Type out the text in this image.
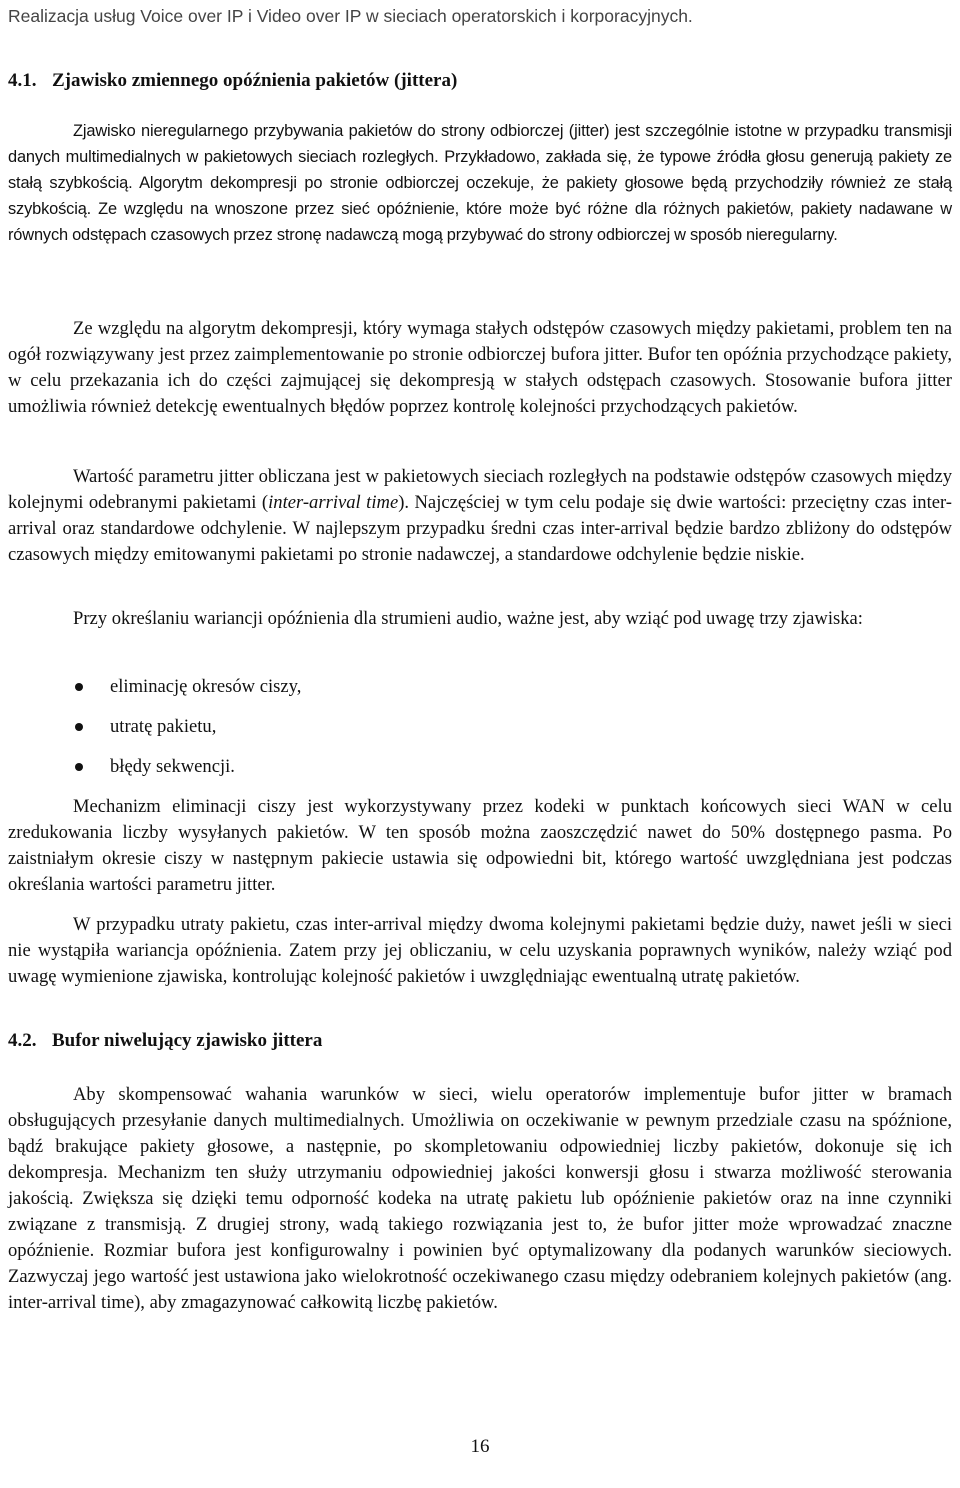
Realizacja usług Voice over IP i Video over IP w sieciach operatorskich i korporacyjnych.
4.1. Zjawisko zmiennego opóźnienia pakietów (jittera)

Zjawisko nieregularnego przybywania pakietów do strony odbiorczej (jitter) jest szczególnie istotne w przypadku transmisji danych multimedialnych w pakietowych sieciach rozległych. Przykładowo, zakłada się, że typowe źródła głosu generują pakiety ze stałą szybkością. Algorytm dekompresji po stronie odbiorczej oczekuje, że pakiety głosowe będą przychodziły również ze stałą szybkością. Ze względu na wnoszone przez sieć opóźnienie, które może być różne dla różnych pakietów, pakiety nadawane w równych odstępach czasowych przez stronę nadawczą mogą przybywać do strony odbiorczej w sposób nieregularny.

Ze względu na algorytm dekompresji, który wymaga stałych odstępów czasowych między pakietami, problem ten na ogół rozwiązywany jest przez zaimplementowanie po stronie odbiorczej bufora jitter. Bufor ten opóźnia przychodzące pakiety, w celu przekazania ich do części zajmującej się dekompresją w stałych odstępach czasowych. Stosowanie bufora jitter umożliwia również detekcję ewentualnych błędów poprzez kontrolę kolejności przychodzących pakietów.

Wartość parametru jitter obliczana jest w pakietowych sieciach rozległych na podstawie odstępów czasowych między kolejnymi odebranymi pakietami (inter-arrival time). Najczęściej w tym celu podaje się dwie wartości: przeciętny czas inter-arrival oraz standardowe odchylenie. W najlepszym przypadku średni czas inter-arrival będzie bardzo zbliżony do odstępów czasowych między emitowanymi pakietami po stronie nadawczej, a standardowe odchylenie będzie niskie.

Przy określaniu wariancji opóźnienia dla strumieni audio, ważne jest, aby wziąć pod uwagę trzy zjawiska:

eliminację okresów ciszy,
utratę pakietu,
błędy sekwencji.

Mechanizm eliminacji ciszy jest wykorzystywany przez kodeki w punktach końcowych sieci WAN w celu zredukowania liczby wysyłanych pakietów. W ten sposób można zaoszczędzić nawet do 50% dostępnego pasma. Po zaistniałym okresie ciszy w następnym pakiecie ustawia się odpowiedni bit, którego wartość uwzględniana jest podczas określania wartości parametru jitter.

W przypadku utraty pakietu, czas inter-arrival między dwoma kolejnymi pakietami będzie duży, nawet jeśli w sieci nie wystąpiła wariancja opóźnienia. Zatem przy jej obliczaniu, w celu uzyskania poprawnych wyników, należy wziąć pod uwagę wymienione zjawiska, kontrolując kolejność pakietów i uwzględniając ewentualną utratę pakietów.

4.2. Bufor niwelujący zjawisko jittera

Aby skompensować wahania warunków w sieci, wielu operatorów implementuje bufor jitter w bramach obsługujących przesyłanie danych multimedialnych. Umożliwia on oczekiwanie w pewnym przedziale czasu na spóźnione, bądź brakujące pakiety głosowe, a następnie, po skompletowaniu odpowiedniej liczby pakietów, dokonuje się ich dekompresja. Mechanizm ten służy utrzymaniu odpowiedniej jakości konwersji głosu i stwarza możliwość sterowania jakością. Zwiększa się dzięki temu odporność kodeka na utratę pakietu lub opóźnienie pakietów oraz na inne czynniki związane z transmisją. Z drugiej strony, wadą takiego rozwiązania jest to, że bufor jitter może wprowadzać znaczne opóźnienie. Rozmiar bufora jest konfigurowalny i powinien być optymalizowany dla podanych warunków sieciowych. Zazwyczaj jego wartość jest ustawiona jako wielokrotność oczekiwanego czasu między odebraniem kolejnych pakietów (ang. inter-arrival time), aby zmagazynować całkowitą liczbę pakietów.

16
